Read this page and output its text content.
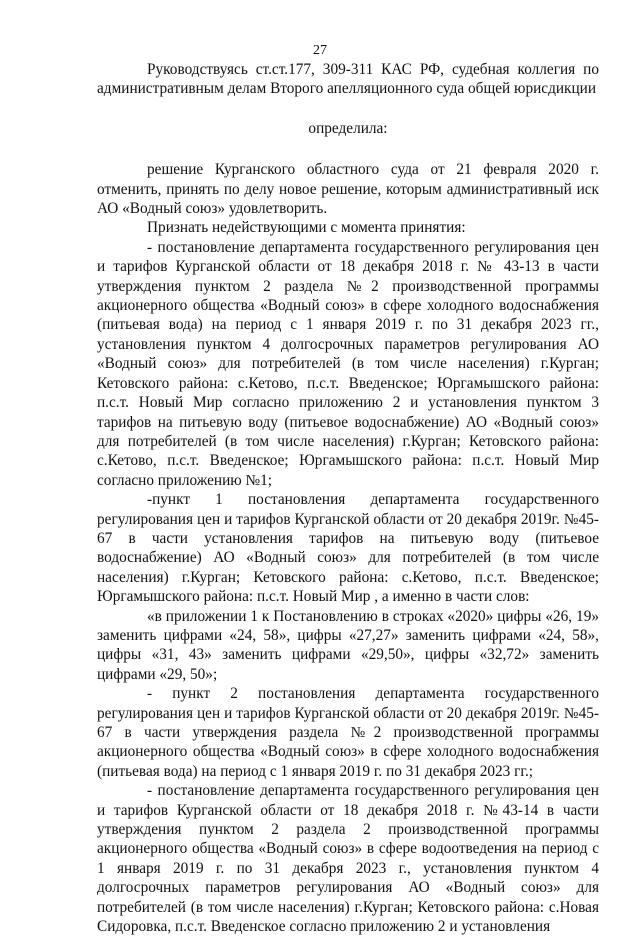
27

Руководствуясь ст.ст.177, 309-311 КАС РФ, судебная коллегия по административным делам Второго апелляционного суда общей юрисдикции

определила:

решение Курганского областного суда от 21 февраля 2020 г. отменить, принять по делу новое решение, которым административный иск АО «Водный союз» удовлетворить.

Признать недействующими с момента принятия:

- постановление департамента государственного регулирования цен и тарифов Курганской области от 18 декабря 2018 г. № 43-13 в части утверждения пунктом 2 раздела №2 производственной программы акционерного общества «Водный союз» в сфере холодного водоснабжения (питьевая вода) на период с 1 января 2019 г. по 31 декабря 2023 гг., установления пунктом 4 долгосрочных параметров регулирования АО «Водный союз» для потребителей (в том числе населения) г.Курган; Кетовского района: с.Кетово, п.с.т. Введенское; Юргамышского района: п.с.т. Новый Мир согласно приложению 2 и установления пунктом 3 тарифов на питьевую воду (питьевое водоснабжение) АО «Водный союз» для потребителей (в том числе населения) г.Курган; Кетовского района: с.Кетово, п.с.т. Введенское; Юргамышского района: п.с.т. Новый Мир согласно приложению №1;

-пункт 1 постановления департамента государственного регулирования цен и тарифов Курганской области от 20 декабря 2019г. №45-67 в части установления тарифов на питьевую воду (питьевое водоснабжение) АО «Водный союз» для потребителей (в том числе населения) г.Курган; Кетовского района: с.Кетово, п.с.т. Введенское; Юргамышского района: п.с.т. Новый Мир , а именно в части слов:

«в приложении 1 к Постановлению в строках «2020» цифры «26, 19» заменить цифрами «24, 58», цифры «27,27» заменить цифрами «24, 58», цифры «31, 43» заменить цифрами «29,50», цифры «32,72» заменить цифрами «29, 50»;

- пункт 2 постановления департамента государственного регулирования цен и тарифов Курганской области от 20 декабря 2019г. №45-67 в части утверждения раздела №2 производственной программы акционерного общества «Водный союз» в сфере холодного водоснабжения (питьевая вода) на период с 1 января 2019 г. по 31 декабря 2023 гг.;

- постановление департамента государственного регулирования цен и тарифов Курганской области от 18 декабря 2018 г. №43-14 в части утверждения пунктом 2 раздела 2 производственной программы акционерного общества «Водный союз» в сфере водоотведения на период с 1 января 2019 г. по 31 декабря 2023 г., установления пунктом 4 долгосрочных параметров регулирования АО «Водный союз» для потребителей (в том числе населения) г.Курган; Кетовского района: с.Новая Сидоровка, п.с.т. Введенское согласно приложению 2 и установления
